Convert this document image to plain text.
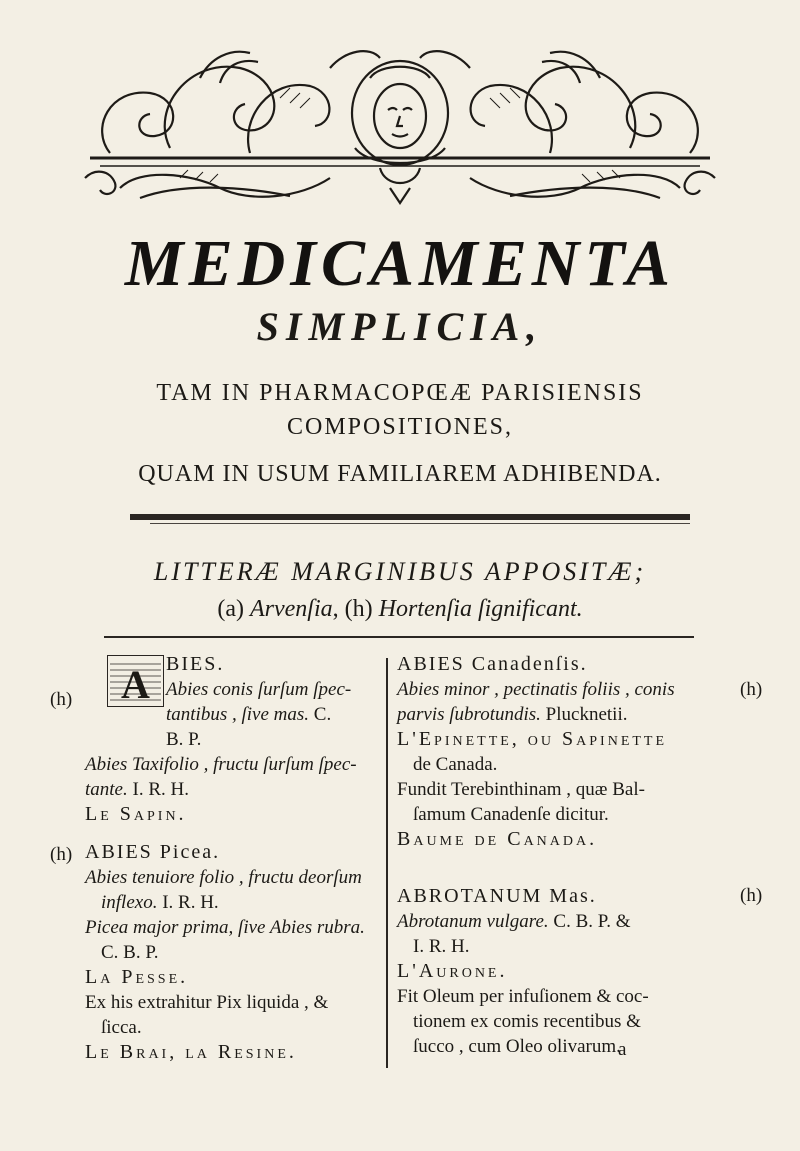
MEDICAMENTA
SIMPLICIA,
TAM IN PHARMACOPŒÆ PARISIENSIS
COMPOSITIONES,
QUAM IN USUM FAMILIAREM ADHIBENDA.
LITTERÆ MARGINIBUS APPOSITÆ;
(a) Arvenſia, (h) Hortenſia ſignificant.
(h) A BIES.

Abies conis ſurſum ſpec-

tantibus , ſive mas. C.

B. P.

Abies Taxifolio , fructu ſurſum ſpec-

tante. I. R. H.

Le Sapin.

ABIES Picea.

Abies tenuiore folio , fructu deorſum

inflexo. I. R. H.

Picea major prima, ſive Abies rubra.

C. B. P.

La Pesse.

Ex his extrahitur Pix liquida , &

ſicca.

Le Brai, la Resine.

(h)

ABIES Canadenſis.

Abies minor , pectinatis foliis , conis

parvis ſubrotundis. Plucknetii.

L'Epinette, ou Sapinette

de Canada.

Fundit Terebinthinam , quæ Bal-

ſamum Canadenſe dicitur.

Baume de Canada.

ABROTANUM Mas.

Abrotanum vulgare. C. B. P. &

I. R. H.

L'Aurone.

Fit Oleum per infuſionem & coc-

tionem ex comis recentibus &

ſucco , cum Oleo olivarum.

(h)
(h)
a
